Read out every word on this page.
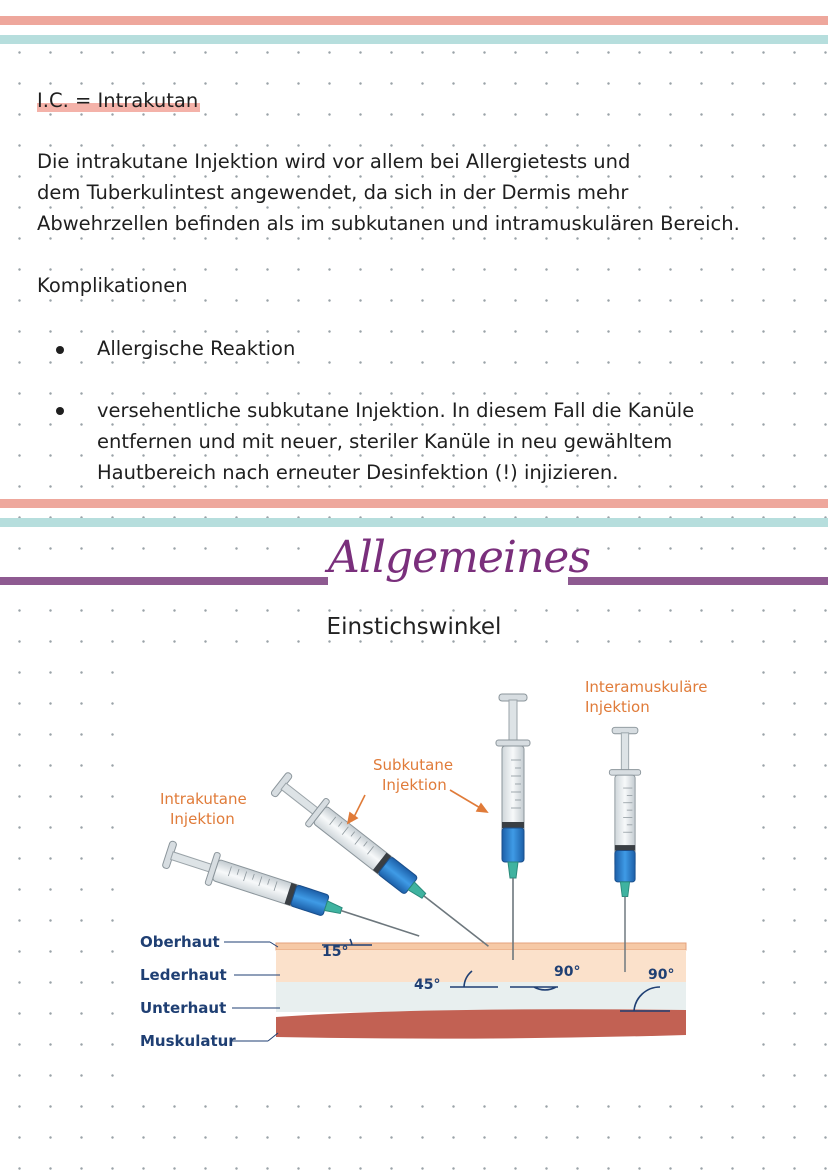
I.C. = Intrakutan
Die intrakutane Injektion wird vor allem bei Allergietests und
dem Tuberkulintest angewendet, da sich in der Dermis mehr
Abwehrzellen befinden als im subkutanen und intramuskulären Bereich.
Komplikationen
Allergische Reaktion
versehentliche subkutane Injektion. In diesem Fall die Kanüle
entfernen und mit neuer, steriler Kanüle in neu gewähltem
Hautbereich nach erneuter Desinfektion (!) injizieren.
Allgemeines
Einstichswinkel
Intrakutane
Injektion
Subkutane
Injektion
Interamuskuläre
Injektion
Oberhaut
Lederhaut
Unterhaut
Muskulatur
15°
45°
90°	90°
